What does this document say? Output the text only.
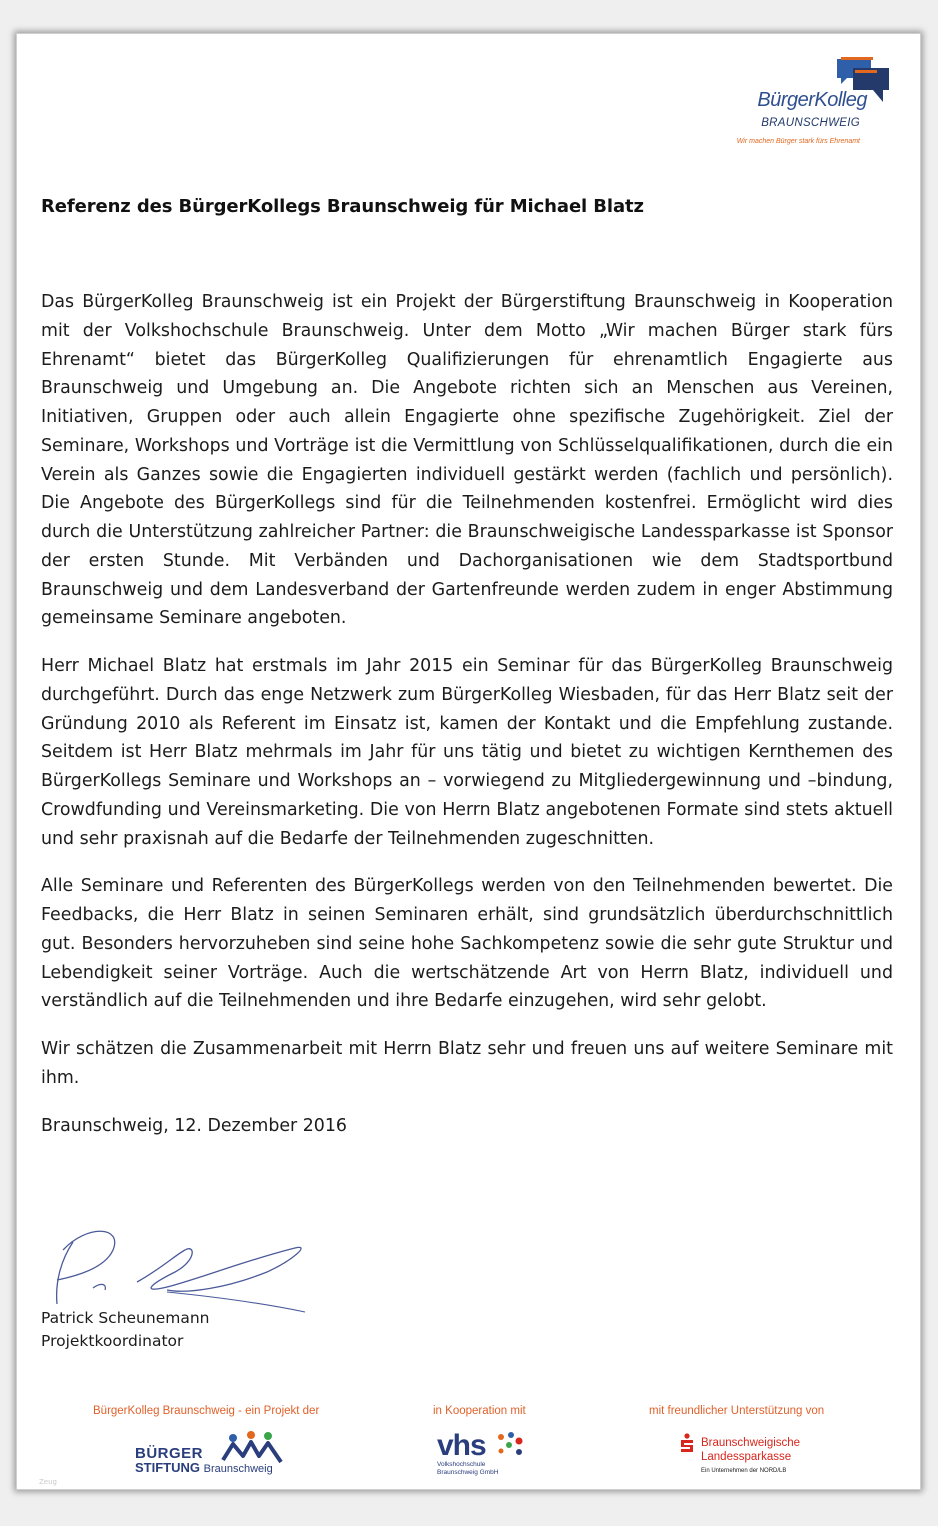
BürgerKolleg
BRAUNSCHWEIG
Wir machen Bürger stark fürs Ehrenamt
Referenz des BürgerKollegs Braunschweig für Michael Blatz

Das BürgerKolleg Braunschweig ist ein Projekt der Bürgerstiftung Braunschweig in Kooperation mit der Volkshochschule Braunschweig. Unter dem Motto „Wir machen Bürger stark fürs Ehrenamt“ bietet das BürgerKolleg Qualifizierungen für ehrenamtlich Engagierte aus Braunschweig und Umgebung an. Die Angebote richten sich an Menschen aus Vereinen, Initiativen, Gruppen oder auch allein Engagierte ohne spezifische Zugehörigkeit. Ziel der Seminare, Workshops und Vorträge ist die Vermittlung von Schlüsselqualifikationen, durch die ein Verein als Ganzes sowie die Engagierten individuell gestärkt werden (fachlich und persönlich). Die Angebote des BürgerKollegs sind für die Teilnehmenden kostenfrei. Ermöglicht wird dies durch die Unterstützung zahlreicher Partner: die Braunschweigische Landessparkasse ist Sponsor der ersten Stunde. Mit Verbänden und Dachorganisationen wie dem Stadtsportbund Braunschweig und dem Landesverband der Gartenfreunde werden zudem in enger Abstimmung gemeinsame Seminare angeboten.

Herr Michael Blatz hat erstmals im Jahr 2015 ein Seminar für das BürgerKolleg Braunschweig durchgeführt. Durch das enge Netzwerk zum BürgerKolleg Wiesbaden, für das Herr Blatz seit der Gründung 2010 als Referent im Einsatz ist, kamen der Kontakt und die Empfehlung zustande. Seitdem ist Herr Blatz mehrmals im Jahr für uns tätig und bietet zu wichtigen Kernthemen des BürgerKollegs Seminare und Workshops an – vorwiegend zu Mitgliedergewinnung und –bindung, Crowdfunding und Vereinsmarketing. Die von Herrn Blatz angebotenen Formate sind stets aktuell und sehr praxisnah auf die Bedarfe der Teilnehmenden zugeschnitten.

Alle Seminare und Referenten des BürgerKollegs werden von den Teilnehmenden bewertet. Die Feedbacks, die Herr Blatz in seinen Seminaren erhält, sind grundsätzlich überdurchschnittlich gut. Besonders hervorzuheben sind seine hohe Sachkompetenz sowie die sehr gute Struktur und Lebendigkeit seiner Vorträge. Auch die wertschätzende Art von Herrn Blatz, individuell und verständlich auf die Teilnehmenden und ihre Bedarfe einzugehen, wird sehr gelobt.

Wir schätzen die Zusammenarbeit mit Herrn Blatz sehr und freuen uns auf weitere Seminare mit ihm.

Braunschweig, 12. Dezember 2016

Patrick Scheunemann
Projektkoordinator
BürgerKolleg Braunschweig - ein Projekt der	in Kooperation mit	mit freundlicher Unterstützung von
BÜRGER
STIFTUNG Braunschweig
vhs
Volkshochschule
Braunschweig GmbH
Braunschweigische
Landessparkasse
Ein Unternehmen der NORD/LB
Zeug
